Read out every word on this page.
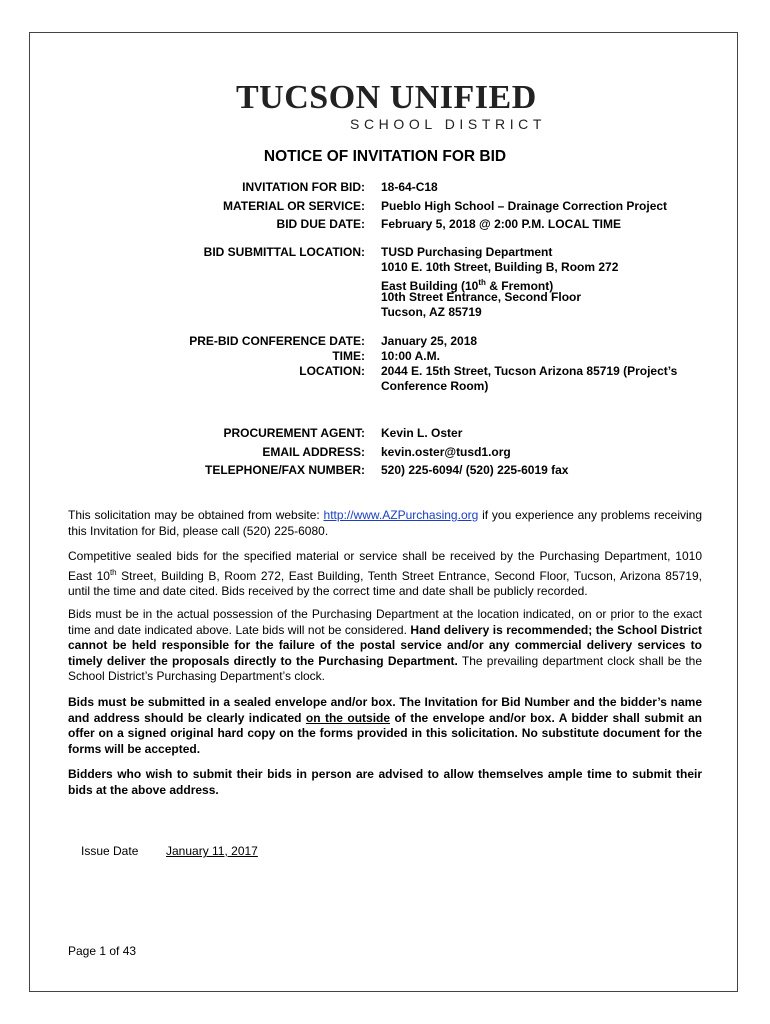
TUCSON UNIFIED
SCHOOL DISTRICT
NOTICE OF INVITATION FOR BID
INVITATION FOR BID: 18-64-C18
MATERIAL OR SERVICE: Pueblo High School – Drainage Correction Project
BID DUE DATE: February 5, 2018 @ 2:00 P.M. LOCAL TIME
BID SUBMITTAL LOCATION: TUSD Purchasing Department
1010 E. 10th Street, Building B, Room 272
East Building (10th & Fremont)
10th Street Entrance, Second Floor
Tucson, AZ 85719
PRE-BID CONFERENCE DATE: January 25, 2018
TIME: 10:00 A.M.
LOCATION: 2044 E. 15th Street, Tucson Arizona 85719 (Project’s
Conference Room)
PROCUREMENT AGENT: Kevin L. Oster
EMAIL ADDRESS: kevin.oster@tusd1.org
TELEPHONE/FAX NUMBER: 520) 225-6094/ (520) 225-6019 fax
This solicitation may be obtained from website: http://www.AZPurchasing.org if you experience any problems receiving this Invitation for Bid, please call (520) 225-6080.
Competitive sealed bids for the specified material or service shall be received by the Purchasing Department, 1010 East 10th Street, Building B, Room 272, East Building, Tenth Street Entrance, Second Floor, Tucson, Arizona 85719, until the time and date cited. Bids received by the correct time and date shall be publicly recorded.
Bids must be in the actual possession of the Purchasing Department at the location indicated, on or prior to the exact time and date indicated above. Late bids will not be considered. Hand delivery is recommended; the School District cannot be held responsible for the failure of the postal service and/or any commercial delivery services to timely deliver the proposals directly to the Purchasing Department. The prevailing department clock shall be the School District’s Purchasing Department’s clock.
Bids must be submitted in a sealed envelope and/or box. The Invitation for Bid Number and the bidder’s name and address should be clearly indicated on the outside of the envelope and/or box. A bidder shall submit an offer on a signed original hard copy on the forms provided in this solicitation. No substitute document for the forms will be accepted.
Bidders who wish to submit their bids in person are advised to allow themselves ample time to submit their bids at the above address.
Issue Date January 11, 2017
Page 1 of 43
